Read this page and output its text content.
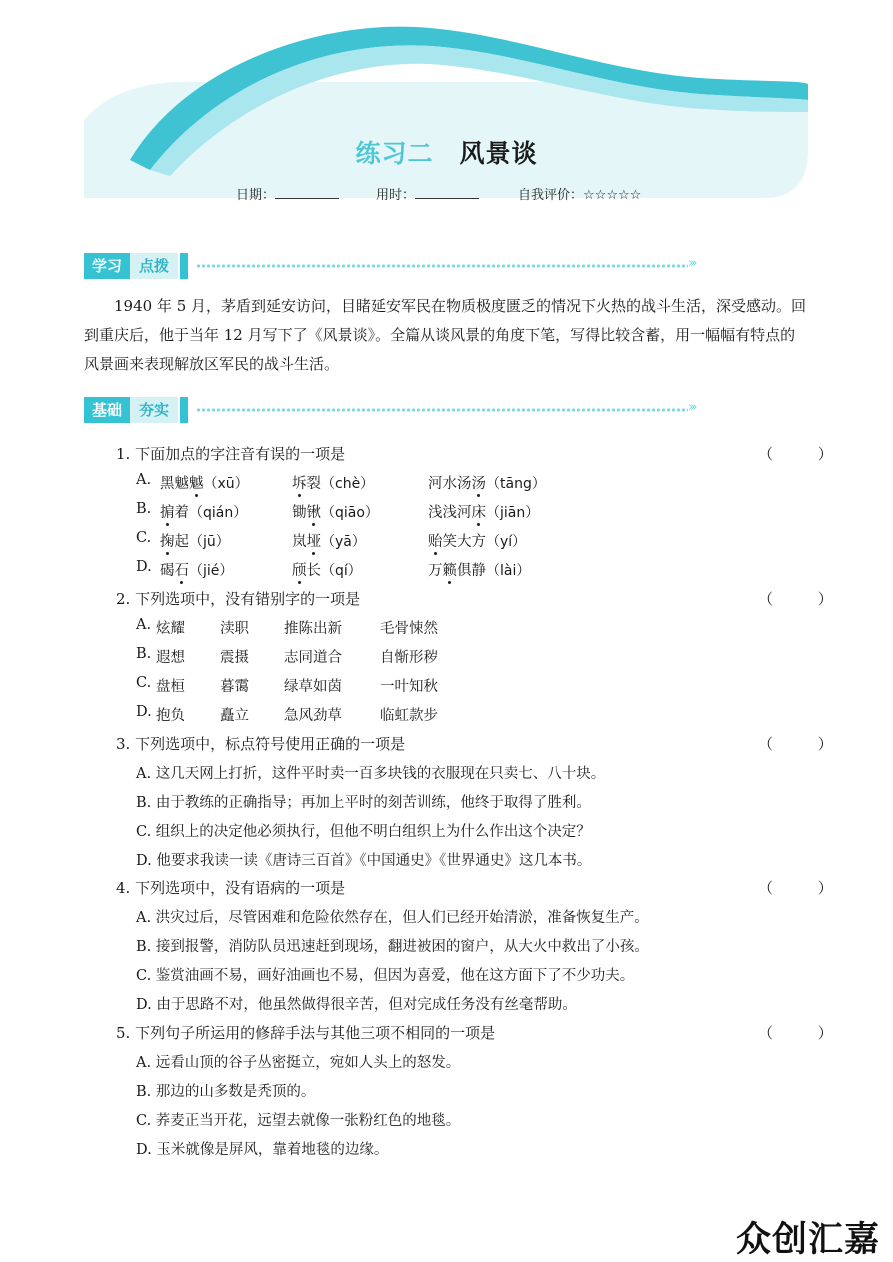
练习二 风景谈
日期：	用时：	自我评价：☆☆☆☆☆
学习	点拨	›››
1940 年 5 月，茅盾到延安访问，目睹延安军民在物质极度匮乏的情况下火热的战斗生活，深受感动。回到重庆后，他于当年 12 月写下了《风景谈》。全篇从谈风景的角度下笔，写得比较含蓄，用一幅幅有特点的风景画来表现解放区军民的战斗生活。
基础	夯实	›››
1. 下面加点的字注音有误的一项是	（ ）
A. 黑魆魆（xū）	坼裂（chè）	河水汤汤（tāng）
B. 掮着（qián）	锄锹（qiāo）	浅浅河床（jiān）
C. 掬起（jū）	岚垭（yā）	贻笑大方（yí）
D. 碣石（jié）	颀长（qí）	万籁俱静（lài）
2. 下列选项中，没有错别字的一项是	（ ）
A. 炫耀 渎职 推陈出新	毛骨悚然
B. 遐想 震摄 志同道合	自惭形秽
C. 盘桓 暮霭 绿草如茵	一叶知秋
D. 抱负 矗立 急风劲草	临虹款步
3. 下列选项中，标点符号使用正确的一项是	（ ）
A. 这几天网上打折，这件平时卖一百多块钱的衣服现在只卖七、八十块。
B. 由于教练的正确指导；再加上平时的刻苦训练，他终于取得了胜利。
C. 组织上的决定他必须执行，但他不明白组织上为什么作出这个决定？
D. 他要求我读一读《唐诗三百首》《中国通史》《世界通史》这几本书。
4. 下列选项中，没有语病的一项是	（ ）
A. 洪灾过后，尽管困难和危险依然存在，但人们已经开始清淤，准备恢复生产。
B. 接到报警，消防队员迅速赶到现场，翻进被困的窗户，从大火中救出了小孩。
C. 鉴赏油画不易，画好油画也不易，但因为喜爱，他在这方面下了不少功夫。
D. 由于思路不对，他虽然做得很辛苦，但对完成任务没有丝毫帮助。
5. 下列句子所运用的修辞手法与其他三项不相同的一项是	（ ）
A. 远看山顶的谷子丛密挺立，宛如人头上的怒发。
B. 那边的山多数是秃顶的。
C. 荞麦正当开花，远望去就像一张粉红色的地毯。
D. 玉米就像是屏风，靠着地毯的边缘。
众创汇嘉
